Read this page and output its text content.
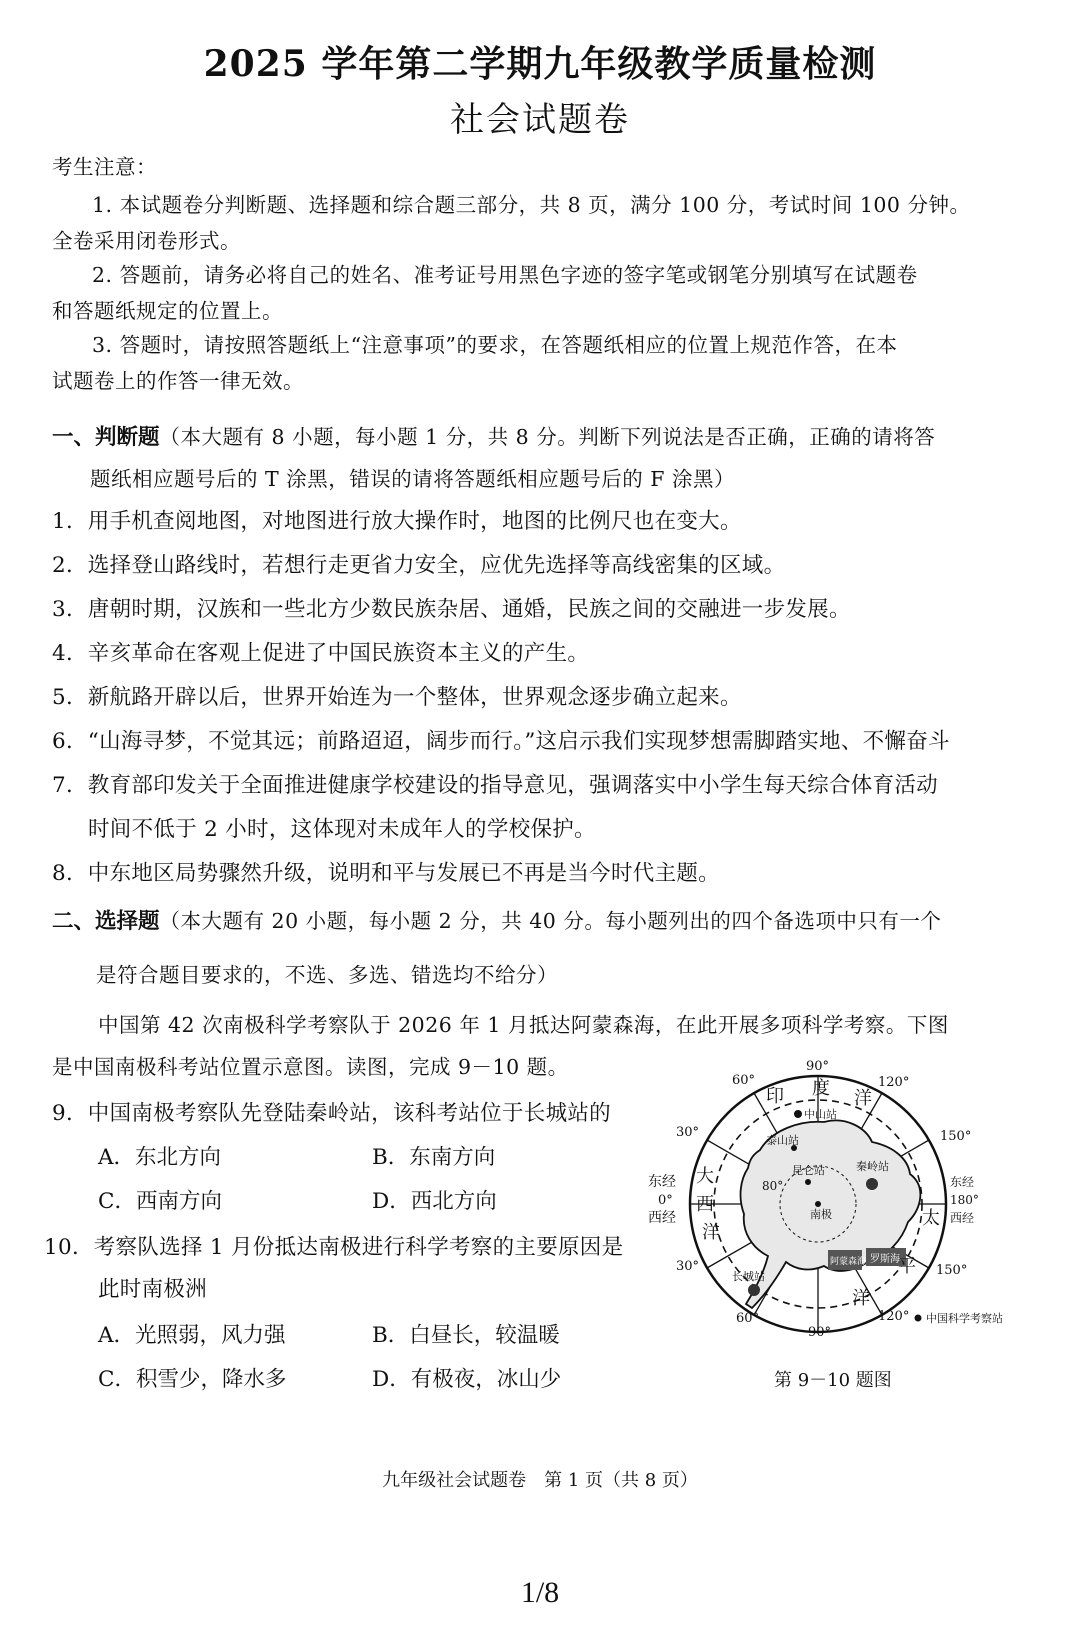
2025 学年第二学期九年级教学质量检测
社会试题卷
考生注意：
1. 本试题卷分判断题、选择题和综合题三部分，共 8 页，满分 100 分，考试时间 100 分钟。
全卷采用闭卷形式。
2. 答题前，请务必将自己的姓名、准考证号用黑色字迹的签字笔或钢笔分别填写在试题卷
和答题纸规定的位置上。
3. 答题时，请按照答题纸上“注意事项”的要求，在答题纸相应的位置上规范作答，在本
试题卷上的作答一律无效。
一、判断题（本大题有 8 小题，每小题 1 分，共 8 分。判断下列说法是否正确，正确的请将答
题纸相应题号后的 T 涂黑，错误的请将答题纸相应题号后的 F 涂黑）
1．用手机查阅地图，对地图进行放大操作时，地图的比例尺也在变大。
2．选择登山路线时，若想行走更省力安全，应优先选择等高线密集的区域。
3．唐朝时期，汉族和一些北方少数民族杂居、通婚，民族之间的交融进一步发展。
4．辛亥革命在客观上促进了中国民族资本主义的产生。
5．新航路开辟以后，世界开始连为一个整体，世界观念逐步确立起来。
6．“山海寻梦，不觉其远；前路迢迢，阔步而行。”这启示我们实现梦想需脚踏实地、不懈奋斗
7．教育部印发关于全面推进健康学校建设的指导意见，强调落实中小学生每天综合体育活动
时间不低于 2 小时，这体现对未成年人的学校保护。
8．中东地区局势骤然升级，说明和平与发展已不再是当今时代主题。
二、选择题（本大题有 20 小题，每小题 2 分，共 40 分。每小题列出的四个备选项中只有一个
是符合题目要求的，不选、多选、错选均不给分）
中国第 42 次南极科学考察队于 2026 年 1 月抵达阿蒙森海，在此开展多项科学考察。下图
是中国南极科考站位置示意图。读图，完成 9－10 题。
9．中国南极考察队先登陆秦岭站，该科考站位于长城站的
A．东北方向	B．东南方向
C．西南方向	D．西北方向
10．考察队选择 1 月份抵达南极进行科学考察的主要原因是
此时南极洲
A．光照弱，风力强	B．白昼长，较温暖
C．积雪少，降水多	D．有极夜，冰山少
90°
60°	120°
30°	150°
东经
0°
西经
东经
180°
西经
80°
30°	150°
60°
90°
120°
印 度 洋
大
西
洋
太
平
洋
中山站
泰山站
昆仑站	秦岭站
长城站
南极
阿蒙森海 罗斯海
中国科学考察站
第 9－10 题图
九年级社会试题卷　第 1 页（共 8 页）
1/8
